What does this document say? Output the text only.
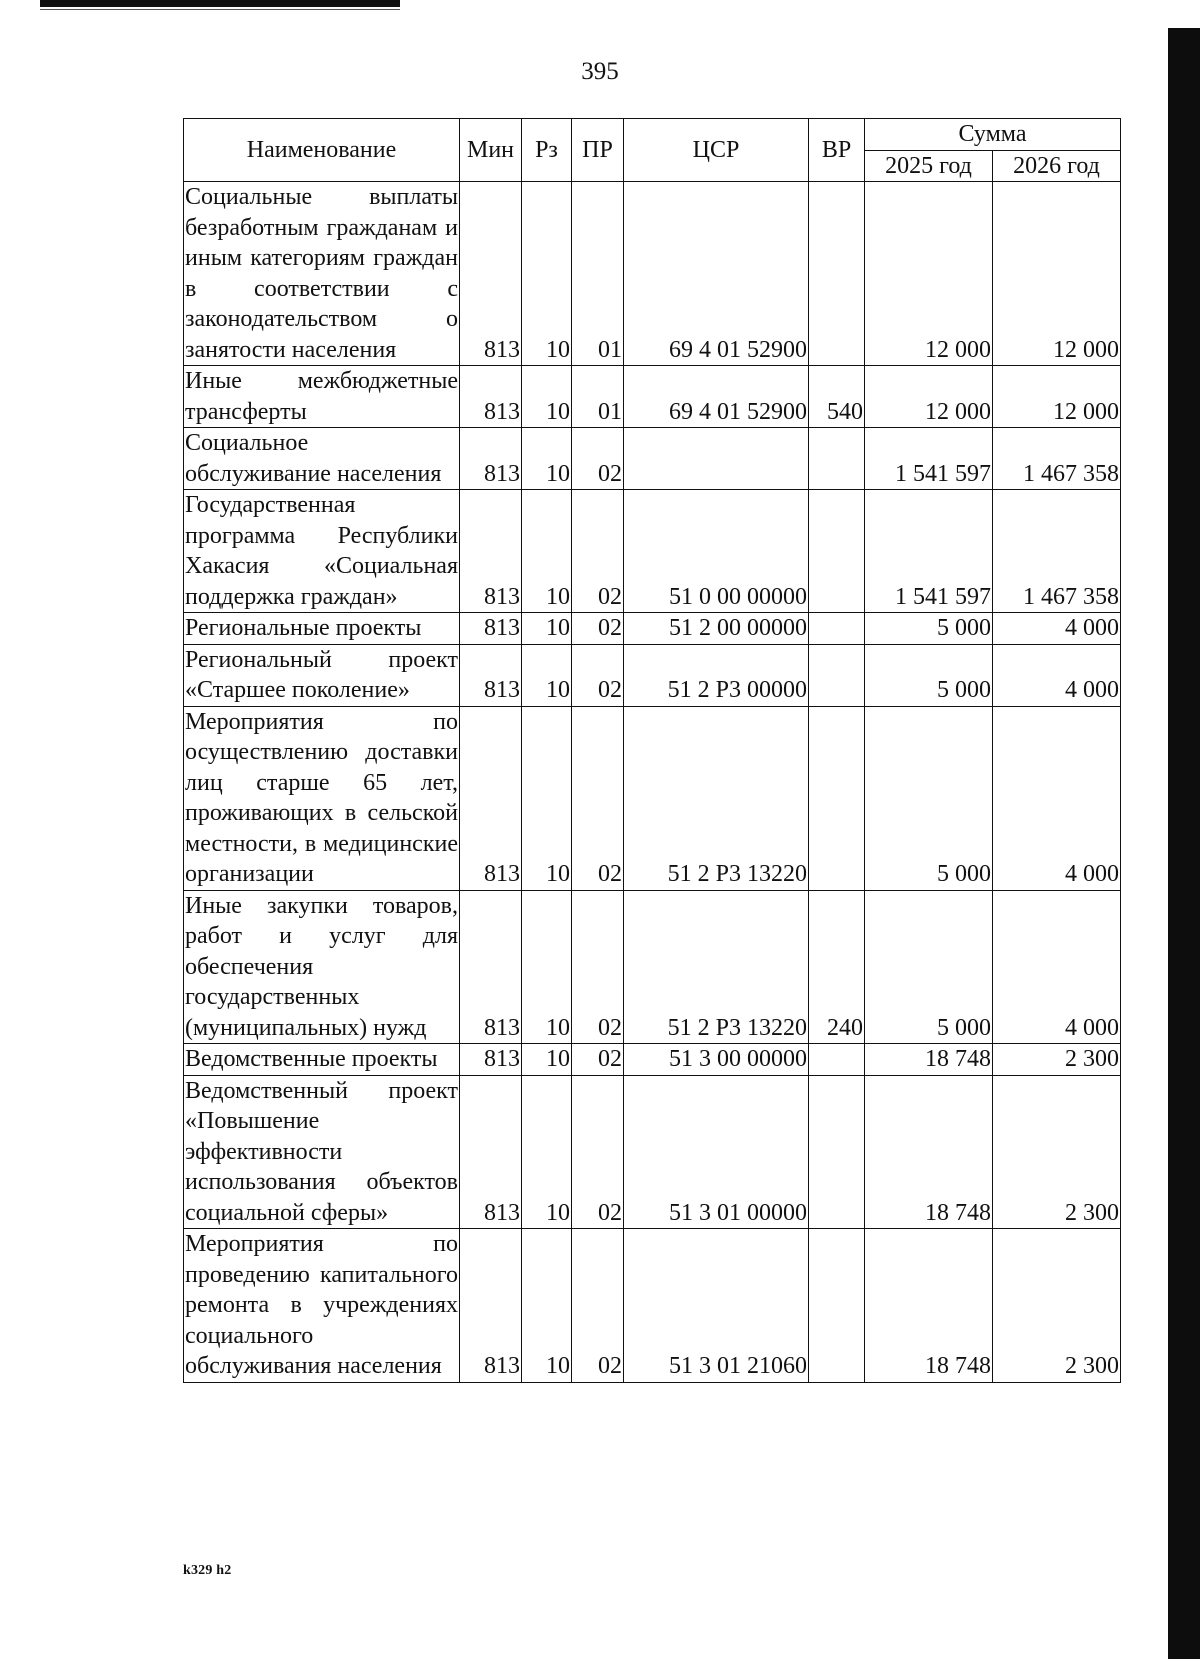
395
Наименование	Мин	Рз	ПР	ЦСР	ВР	Сумма	
						2025 год	2026 год
Социальные выплаты безработным гражданам и иным категориям граждан в соответствии с законодательством о занятости населения	813	10	01	69 4 01 52900		12 000	12 000
Иные межбюджетные трансферты	813	10	01	69 4 01 52900	540	12 000	12 000
Социальное обслуживание населения	813	10	02			1 541 597	1 467 358
Государственная программа Республики Хакасия «Социальная поддержка граждан»	813	10	02	51 0 00 00000		1 541 597	1 467 358
Региональные проекты	813	10	02	51 2 00 00000		5 000	4 000
Региональный проект «Старшее поколение»	813	10	02	51 2 P3 00000		5 000	4 000
Мероприятия по осуществлению доставки лиц старше 65 лет, проживающих в сельской местности, в медицинские организации	813	10	02	51 2 P3 13220		5 000	4 000
Иные закупки товаров, работ и услуг для обеспечения государственных (муниципальных) нужд	813	10	02	51 2 P3 13220	240	5 000	4 000
Ведомственные проекты	813	10	02	51 3 00 00000		18 748	2 300
Ведомственный проект «Повышение эффективности использования объектов социальной сферы»	813	10	02	51 3 01 00000		18 748	2 300
Мероприятия по проведению капитального ремонта в учреждениях социального обслуживания населения	813	10	02	51 3 01 21060		18 748	2 300
k329 h2
